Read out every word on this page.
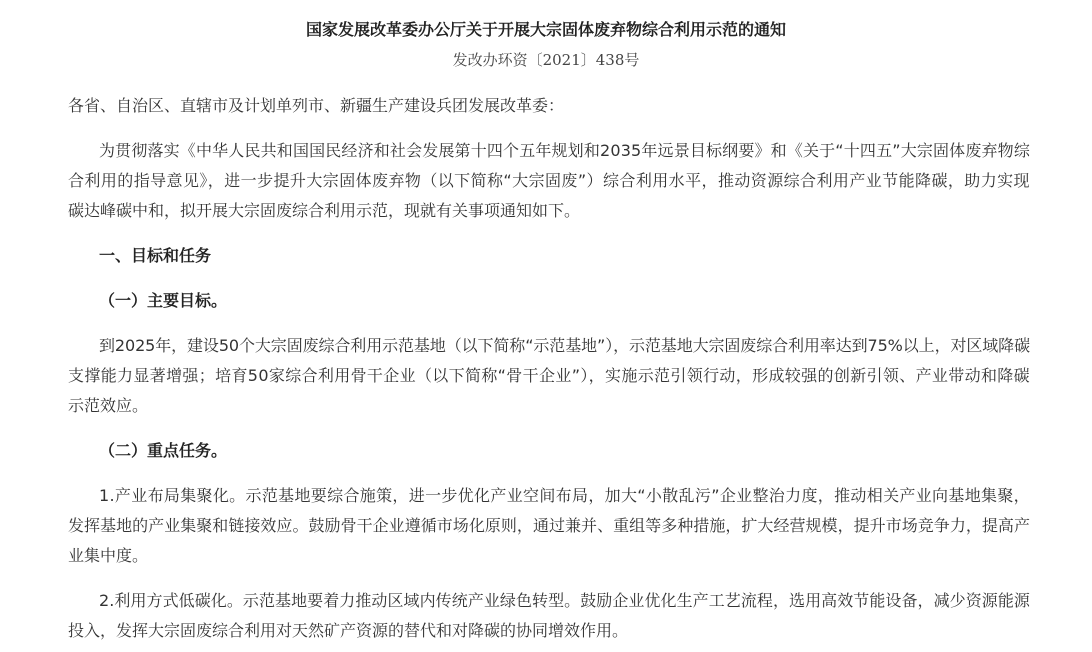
国家发展改革委办公厅关于开展大宗固体废弃物综合利用示范的通知
发改办环资〔2021〕438号
各省、自治区、直辖市及计划单列市、新疆生产建设兵团发展改革委：
为贯彻落实《中华人民共和国国民经济和社会发展第十四个五年规划和2035年远景目标纲要》和《关于“十四五”大宗固体废弃物综
合利用的指导意见》，进一步提升大宗固体废弃物（以下简称“大宗固废”）综合利用水平，推动资源综合利用产业节能降碳，助力实现
碳达峰碳中和，拟开展大宗固废综合利用示范，现就有关事项通知如下。
一、目标和任务
（一）主要目标。
到2025年，建设50个大宗固废综合利用示范基地（以下简称“示范基地”），示范基地大宗固废综合利用率达到75%以上，对区域降碳
支撑能力显著增强；培育50家综合利用骨干企业（以下简称“骨干企业”），实施示范引领行动，形成较强的创新引领、产业带动和降碳
示范效应。
（二）重点任务。
1.产业布局集聚化。示范基地要综合施策，进一步优化产业空间布局，加大“小散乱污”企业整治力度，推动相关产业向基地集聚，
发挥基地的产业集聚和链接效应。鼓励骨干企业遵循市场化原则，通过兼并、重组等多种措施，扩大经营规模，提升市场竞争力，提高产
业集中度。
2.利用方式低碳化。示范基地要着力推动区域内传统产业绿色转型。鼓励企业优化生产工艺流程，选用高效节能设备，减少资源能源
投入，发挥大宗固废综合利用对天然矿产资源的替代和对降碳的协同增效作用。
